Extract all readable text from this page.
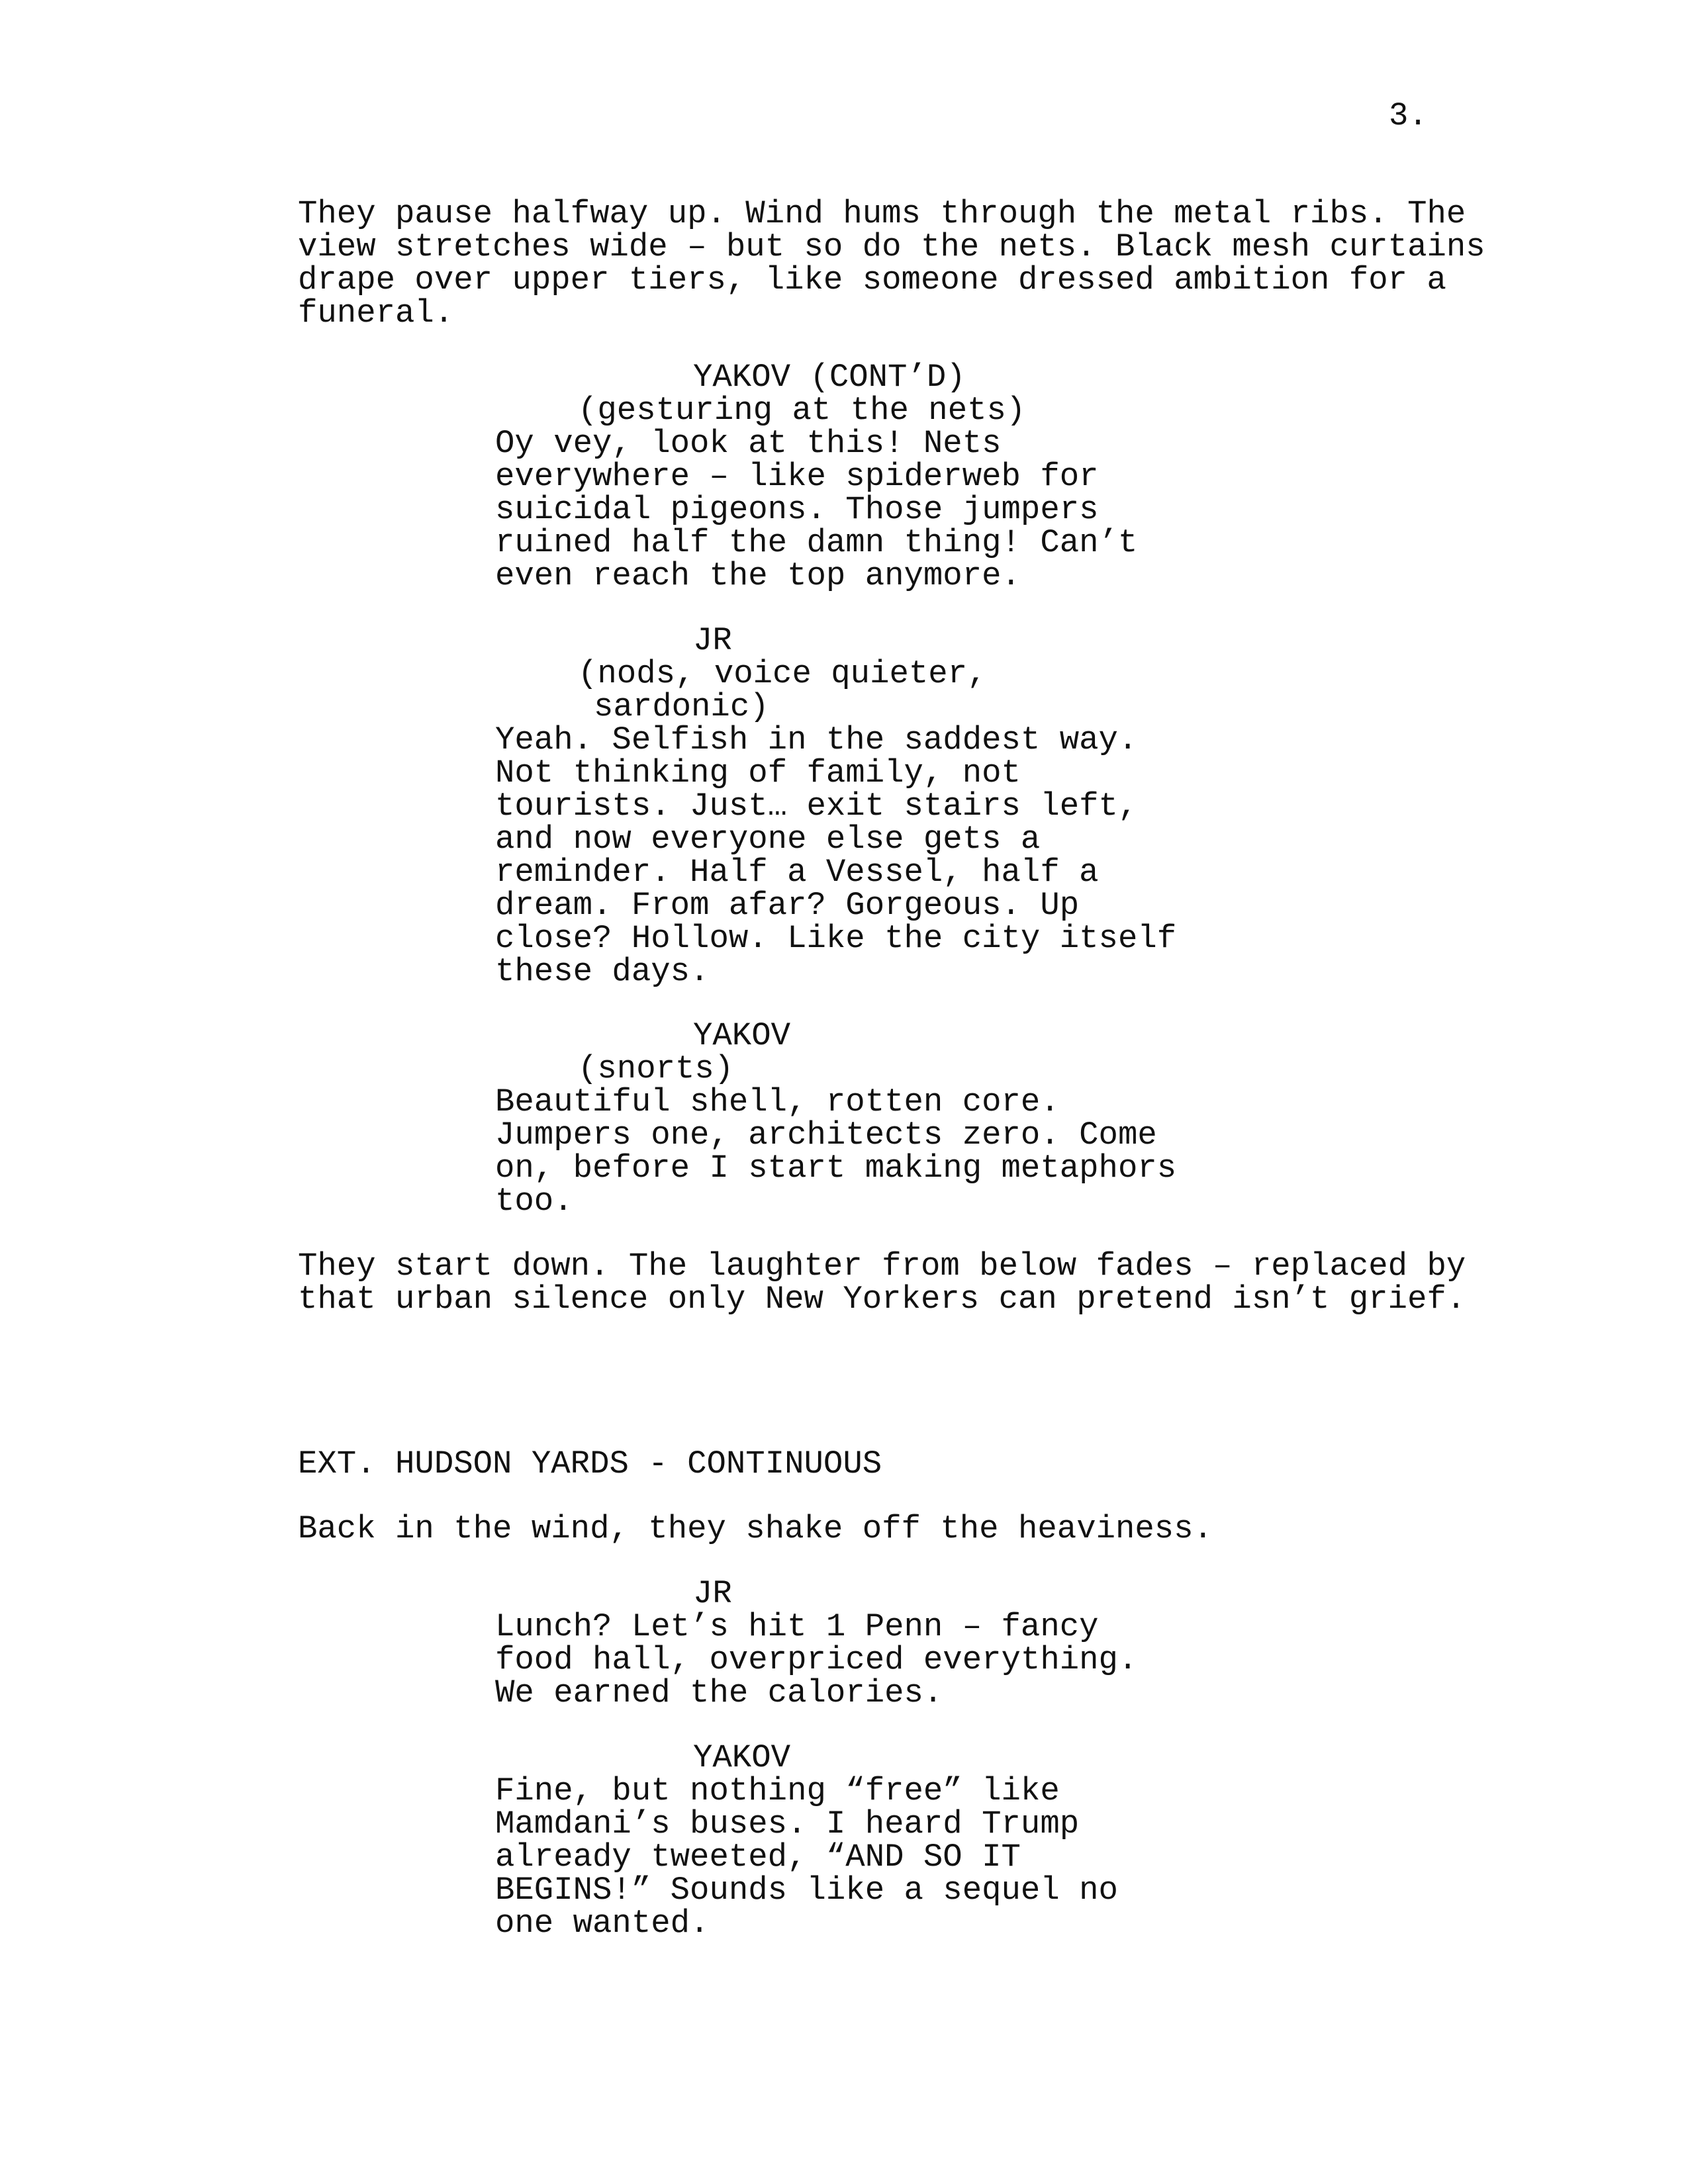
3.
They pause halfway up. Wind hums through the metal ribs. The
view stretches wide – but so do the nets. Black mesh curtains
drape over upper tiers, like someone dressed ambition for a
funeral.
YAKOV (CONT’D)
(gesturing at the nets)
Oy vey, look at this! Nets
everywhere – like spiderweb for
suicidal pigeons. Those jumpers
ruined half the damn thing! Can’t
even reach the top anymore.
JR
(nods, voice quieter,
sardonic)
Yeah. Selfish in the saddest way.
Not thinking of family, not
tourists. Just… exit stairs left,
and now everyone else gets a
reminder. Half a Vessel, half a
dream. From afar? Gorgeous. Up
close? Hollow. Like the city itself
these days.
YAKOV
(snorts)
Beautiful shell, rotten core.
Jumpers one, architects zero. Come
on, before I start making metaphors
too.
They start down. The laughter from below fades – replaced by
that urban silence only New Yorkers can pretend isn’t grief.
EXT. HUDSON YARDS - CONTINUOUS
Back in the wind, they shake off the heaviness.
JR
Lunch? Let’s hit 1 Penn – fancy
food hall, overpriced everything.
We earned the calories.
YAKOV
Fine, but nothing “free” like
Mamdani’s buses. I heard Trump
already tweeted, “AND SO IT
BEGINS!” Sounds like a sequel no
one wanted.
